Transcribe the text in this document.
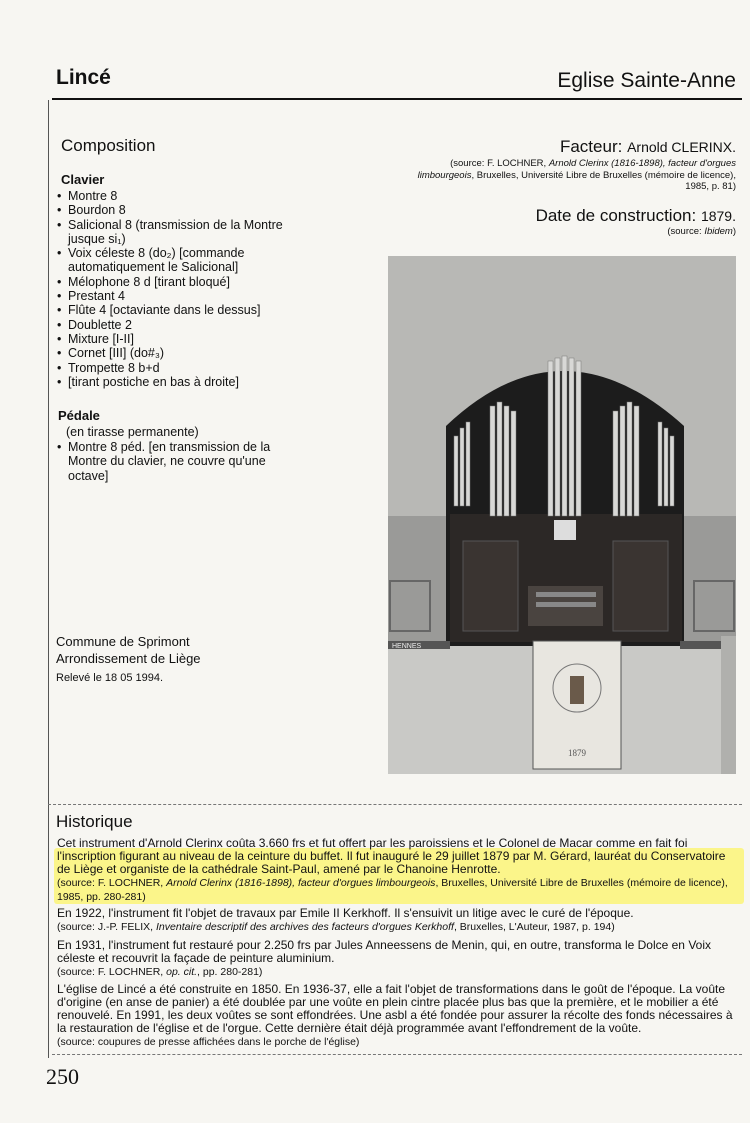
Lincé	Eglise Sainte-Anne
Composition
Clavier
• Montre 8
• Bourdon 8
• Salicional 8 (transmission de la Montre jusque si₁)
• Voix céleste 8 (do₂) [commande automatiquement le Salicional]
• Mélophone 8 d [tirant bloqué]
• Prestant 4
• Flûte 4 [octaviante dans le dessus]
• Doublette 2
• Mixture [I-II]
• Cornet [III] (do#₃)
• Trompette 8 b+d
• [tirant postiche en bas à droite]
Pédale
(en tirasse permanente)
• Montre 8 péd. [en transmission de la Montre du clavier, ne couvre qu'une octave]
Commune de Sprimont
Arrondissement de Liège
Relevé le 18 05 1994.
Facteur: Arnold CLERINX.
(source: F. LOCHNER, Arnold Clerinx (1816-1898), facteur d'orgues limbourgeois, Bruxelles, Université Libre de Bruxelles (mémoire de licence), 1985, p. 81)
Date de construction: 1879.
(source: Ibidem)
1879
HENNES
Historique

Cet instrument d'Arnold Clerinx coûta 3.660 frs et fut offert par les paroissiens et le Colonel de Macar comme en fait foi l'inscription figurant au niveau de la ceinture du buffet. Il fut inauguré le 29 juillet 1879 par M. Gérard, lauréat du Conservatoire de Liège et organiste de la cathédrale Saint-Paul, amené par le Chanoine Henrotte.
(source: F. LOCHNER, Arnold Clerinx (1816-1898), facteur d'orgues limbourgeois, Bruxelles, Université Libre de Bruxelles (mémoire de licence), 1985, pp. 280-281)

En 1922, l'instrument fit l'objet de travaux par Emile II Kerkhoff. Il s'ensuivit un litige avec le curé de l'époque.
(source: J.-P. FELIX, Inventaire descriptif des archives des facteurs d'orgues Kerkhoff, Bruxelles, L'Auteur, 1987, p. 194)

En 1931, l'instrument fut restauré pour 2.250 frs par Jules Anneessens de Menin, qui, en outre, transforma le Dolce en Voix céleste et recouvrit la façade de peinture aluminium.
(source: F. LOCHNER, op. cit., pp. 280-281)

L'église de Lincé a été construite en 1850. En 1936-37, elle a fait l'objet de transformations dans le goût de l'époque. La voûte d'origine (en anse de panier) a été doublée par une voûte en plein cintre placée plus bas que la première, et le mobilier a été renouvelé. En 1991, les deux voûtes se sont effondrées. Une asbl a été fondée pour assurer la récolte des fonds nécessaires à la restauration de l'église et de l'orgue. Cette dernière était déjà programmée avant l'effondrement de la voûte.
(source: coupures de presse affichées dans le porche de l'église)

250
